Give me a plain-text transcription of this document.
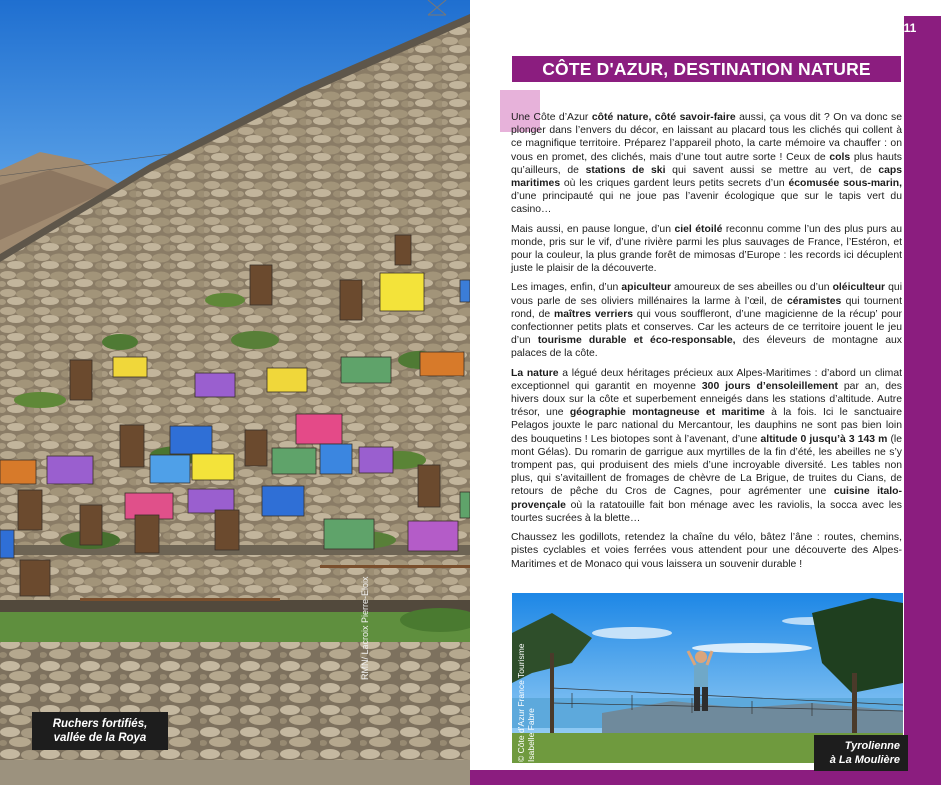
RMN/ Lacroix Pierre-Eloix
Ruchers fortifiés,
vallée de la Roya
11
CÔTE D'AZUR, DESTINATION NATURE

Une Côte d’Azur côté nature, côté savoir-faire aussi, ça vous dit ? On va donc se plonger dans l’envers du décor, en laissant au placard tous les clichés qui collent à ce magnifique territoire. Préparez l’appareil photo, la carte mémoire va chauffer : on vous en promet, des clichés, mais d’une tout autre sorte ! Ceux de cols plus hauts qu’ailleurs, de stations de ski qui savent aussi se mettre au vert, de caps maritimes où les criques gardent leurs petits secrets d’un écomusée sous-marin, d’une principauté qui ne joue pas l’avenir écologique que sur le tapis vert du casino…

Mais aussi, en pause longue, d’un ciel étoilé reconnu comme l’un des plus purs au monde, pris sur le vif, d’une rivière parmi les plus sauvages de France, l’Estéron, et pour la couleur, la plus grande forêt de mimosas d’Europe : les records ici décuplent juste le plaisir de la découverte.

Les images, enfin, d’un apiculteur amoureux de ses abeilles ou d’un oléiculteur qui vous parle de ses oliviers millénaires la larme à l’œil, de céramistes qui tournent rond, de maîtres verriers qui vous soufflеront, d’une magicienne de la récup’ pour confectionner petits plats et conserves. Car les acteurs de ce territoire jouent le jeu d’un tourisme durable et éco-responsable, des éleveurs de montagne aux palaces de la côte.

La nature a légué deux héritages précieux aux Alpes-Maritimes : d’abord un climat exceptionnel qui garantit en moyenne 300 jours d’ensoleillement par an, des hivers doux sur la côte et superbement enneigés dans les stations d’altitude. Autre trésor, une géographie montagneuse et maritime à la fois. Ici le sanctuaire Pelagos jouxte le parc national du Mercantour, les dauphins ne sont pas bien loin des bouquetins ! Les biotopes sont à l’avenant, d’une altitude 0 jusqu’à 3 143 m (le mont Gélas). Du romarin de garrigue aux myrtilles de la fin d’été, les abeilles ne s’y trompent pas, qui produisent des miels d’une incroyable diversité. Les tables non plus, qui s’avitaillent de fromages de chèvre de La Brigue, de truites du Cians, de retours de pêche du Cros de Cagnes, pour agrémenter une cuisine italo-provençale où la ratatouille fait bon ménage avec les raviolis, la socca avec les tourtes sucrées à la blette…

Chaussez les godillots, retendez la chaîne du vélo, bâtez l’âne : routes, chemins, pistes cyclables et voies ferrées vous attendent pour une découverte des Alpes-Maritimes et de Monaco qui vous laissera un souvenir durable !

© Côte d’Azur France Tourisme Isabelle Fabre	Tyrolienne
à La Moulière
